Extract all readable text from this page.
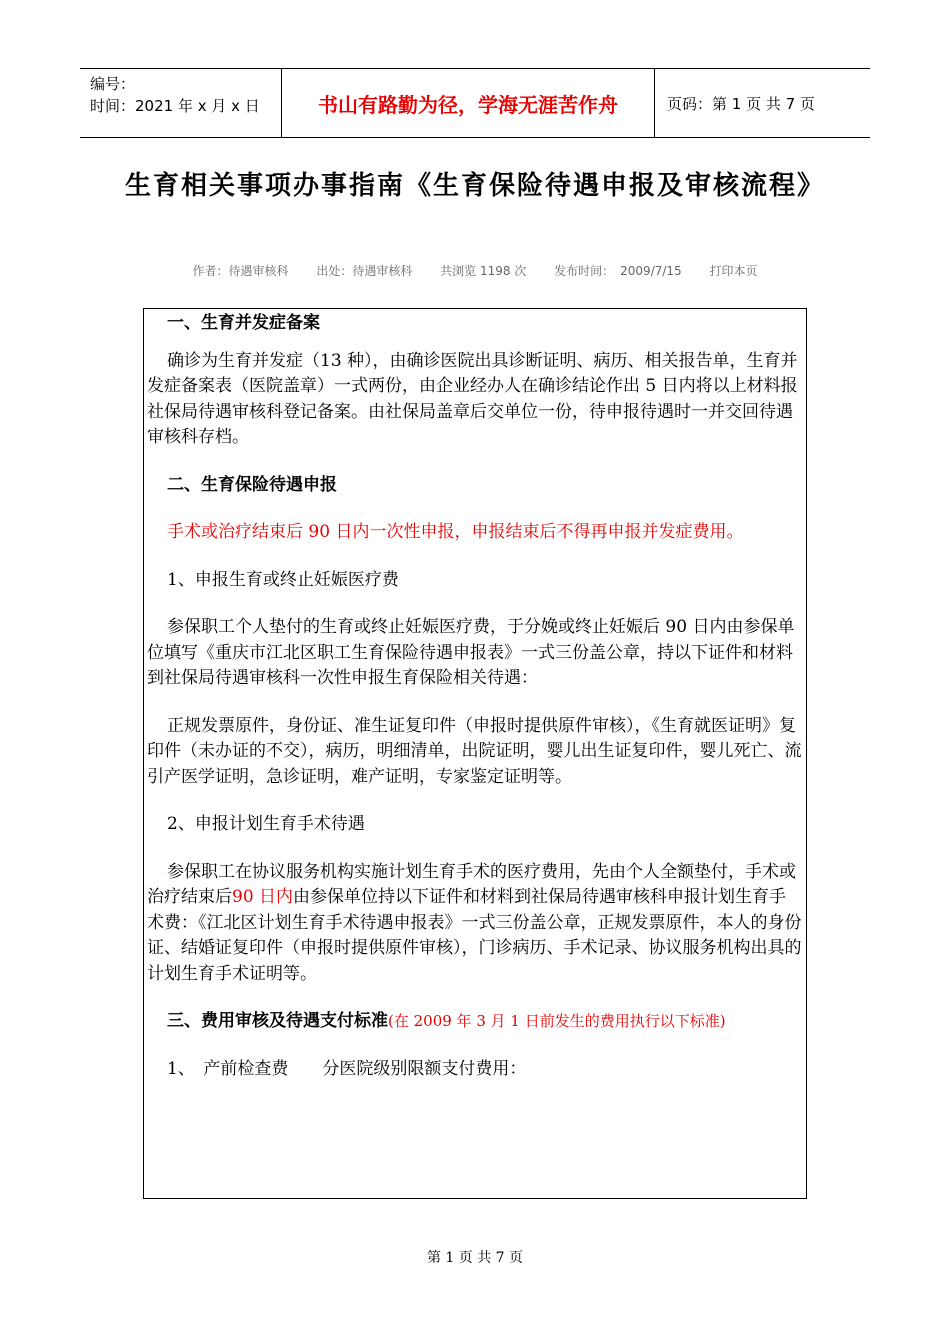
编号：
时间：2021 年 x 月 x 日	书山有路勤为径，学海无涯苦作舟	页码：第 1 页 共 7 页
生育相关事项办事指南《生育保险待遇申报及审核流程》
作者：待遇审核科 出处：待遇审核科 共浏览 1198 次 发布时间：　2009/7/15 打印本页

一、生育并发症备案

确诊为生育并发症（13 种），由确诊医院出具诊断证明、病历、相关报告单，生育并发症备案表（医院盖章）一式两份，由企业经办人在确诊结论作出 5 日内将以上材料报社保局待遇审核科登记备案。由社保局盖章后交单位一份，待申报待遇时一并交回待遇审核科存档。

二、生育保险待遇申报

手术或治疗结束后 90 日内一次性申报，申报结束后不得再申报并发症费用。

1、申报生育或终止妊娠医疗费

参保职工个人垫付的生育或终止妊娠医疗费，于分娩或终止妊娠后 90 日内由参保单位填写《重庆市江北区职工生育保险待遇申报表》一式三份盖公章，持以下证件和材料到社保局待遇审核科一次性申报生育保险相关待遇：

正规发票原件，身份证、准生证复印件（申报时提供原件审核），《生育就医证明》复印件（未办证的不交），病历，明细清单，出院证明，婴儿出生证复印件，婴儿死亡、流引产医学证明，急诊证明，难产证明，专家鉴定证明等。

2、申报计划生育手术待遇

参保职工在协议服务机构实施计划生育手术的医疗费用，先由个人全额垫付，手术或治疗结束后90 日内由参保单位持以下证件和材料到社保局待遇审核科申报计划生育手术费：《江北区计划生育手术待遇申报表》一式三份盖公章，正规发票原件，本人的身份证、结婚证复印件（申报时提供原件审核），门诊病历、手术记录、协议服务机构出具的计划生育手术证明等。

三、费用审核及待遇支付标准(在 2009 年 3 月 1 日前发生的费用执行以下标准)

1、　产前检查费　　分医院级别限额支付费用：

第 1 页 共 7 页
